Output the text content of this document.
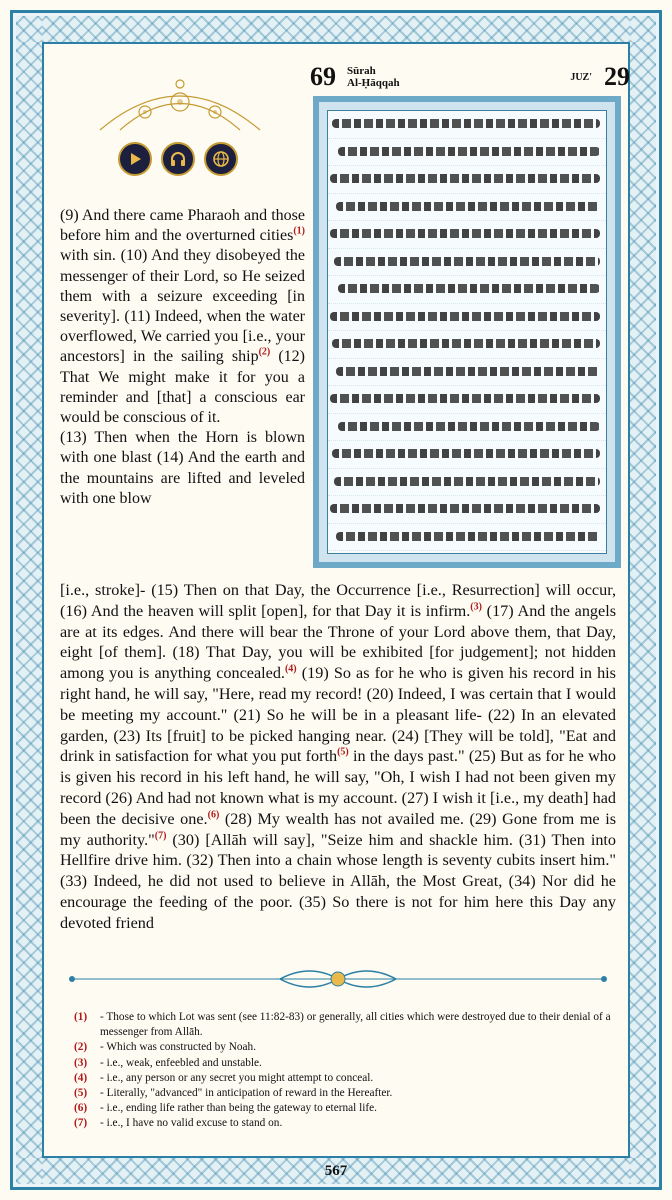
69 Sūrah
Al-Ḥāqqah	JUZ' 29

(9) And there came Pharaoh and those before him and the overturned cities$^{(1)}$ with sin. (10) And they disobeyed the messenger of their Lord, so He seized them with a seizure exceeding [in severity]. (11) Indeed, when the water overflowed, We carried you [i.e., your ancestors] in the sailing ship$^{(2)}$ (12) That We might make it for you a reminder and [that] a conscious ear would be conscious of it.

(13) Then when the Horn is blown with one blast (14) And the earth and the mountains are lifted and leveled with one blow

[i.e., stroke]- (15) Then on that Day, the Occurrence [i.e., Resurrection] will occur, (16) And the heaven will split [open], for that Day it is infirm.$^{(3)}$ (17) And the angels are at its edges. And there will bear the Throne of your Lord above them, that Day, eight [of them]. (18) That Day, you will be exhibited [for judgement]; not hidden among you is anything concealed.$^{(4)}$ (19) So as for he who is given his record in his right hand, he will say, "Here, read my record! (20) Indeed, I was certain that I would be meeting my account." (21) So he will be in a pleasant life- (22) In an elevated garden, (23) Its [fruit] to be picked hanging near. (24) [They will be told], "Eat and drink in satisfaction for what you put forth$^{(5)}$ in the days past." (25) But as for he who is given his record in his left hand, he will say, "Oh, I wish I had not been given my record (26) And had not known what is my account. (27) I wish it [i.e., my death] had been the decisive one.$^{(6)}$ (28) My wealth has not availed me. (29) Gone from me is my authority."$^{(7)}$ (30) [Allāh will say], "Seize him and shackle him. (31) Then into Hellfire drive him. (32) Then into a chain whose length is seventy cubits insert him." (33) Indeed, he did not used to believe in Allāh, the Most Great, (34) Nor did he encourage the feeding of the poor. (35) So there is not for him here this Day any devoted friend
(1)	- Those to which Lot was sent (see 11:82-83) or generally, all cities which were destroyed due to their denial of a messenger from Allāh.
(2)	- Which was constructed by Noah.
(3)	- i.e., weak, enfeebled and unstable.
(4)	- i.e., any person or any secret you might attempt to conceal.
(5)	- Literally, "advanced" in anticipation of reward in the Hereafter.
(6)	- i.e., ending life rather than being the gateway to eternal life.
(7)	- i.e., I have no valid excuse to stand on.
567
